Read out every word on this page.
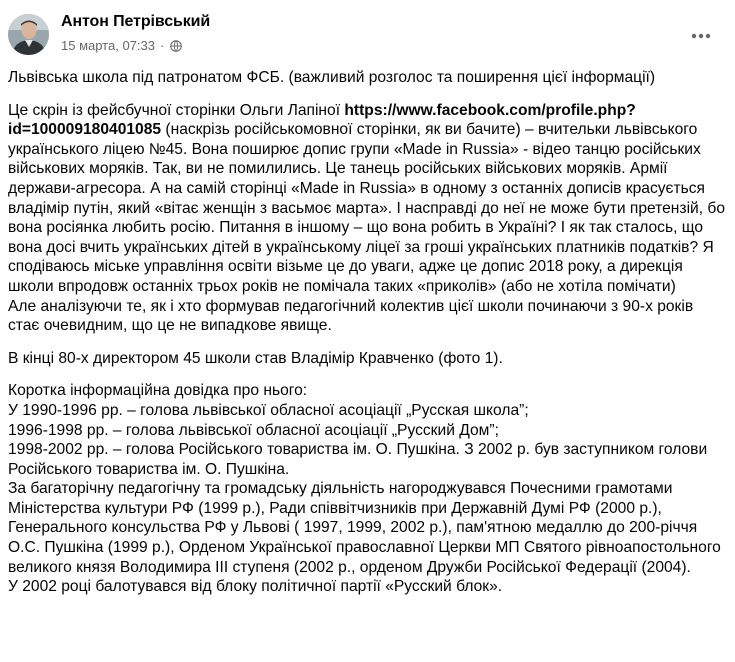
Антон Петрівський
15 марта, 07:33 ·

Львівська школа під патронатом ФСБ. (важливий розголос та поширення цієї інформації)

Це скрін із фейсбучної сторінки Ольги Лапіної https://www.facebook.com/profile.php?id=100009180401085 (наскрізь російськомовної сторінки, як ви бачите) – вчительки львівського українського ліцею №45. Вона поширює допис групи «Made in Russia» - відео танцю російських військових моряків. Так, ви не помилились. Це танець російських військових моряків. Армії держави-агресора. А на самій сторінці «Made in Russia» в одному з останніх дописів красується владімір путін, який «вітає женщін з васьмоє марта». І насправді до неї не може бути претензій, бо вона росіянка любить росію. Питання в іншому – що вона робить в Україні? І як так сталось, що вона досі вчить українських дітей в українському ліцеї за гроші українських платників податків? Я сподіваюсь міське управління освіти візьме це до уваги, адже це допис 2018 року, а дирекція школи впродовж останніх трьох років не помічала таких «приколів» (або не хотіла помічати)

Але аналізуючи те, як і хто формував педагогічний колектив цієї школи починаючи з 90-х років стає очевидним, що це не випадкове явище.

В кінці 80-х директором 45 школи став Владімір Кравченко (фото 1).

Коротка інформаційна довідка про нього:

У 1990-1996 рр. – голова львівської обласної асоціації „Русская школа”;

1996-1998 рр. – голова львівської обласної асоціації „Русский Дом”;

1998-2002 рр. – голова Російського товариства ім. О. Пушкіна. З 2002 р. був заступником голови Російського товариства ім. О. Пушкіна.

За багаторічну педагогічну та громадську діяльність нагороджувався Почесними грамотами Міністерства культури РФ (1999 р.), Ради співвітчизників при Державній Думі РФ (2000 р.), Генерального консульства РФ у Львові ( 1997, 1999, 2002 р.), пам'ятною медаллю до 200-річчя О.С. Пушкіна (1999 р.), Орденом Української православної Церкви МП Святого рівноапостольного великого князя Володимира III ступеня (2002 р., орденом Дружби Російської Федерації (2004).

У 2002 році балотувався від блоку політичної партії «Русский блок».
